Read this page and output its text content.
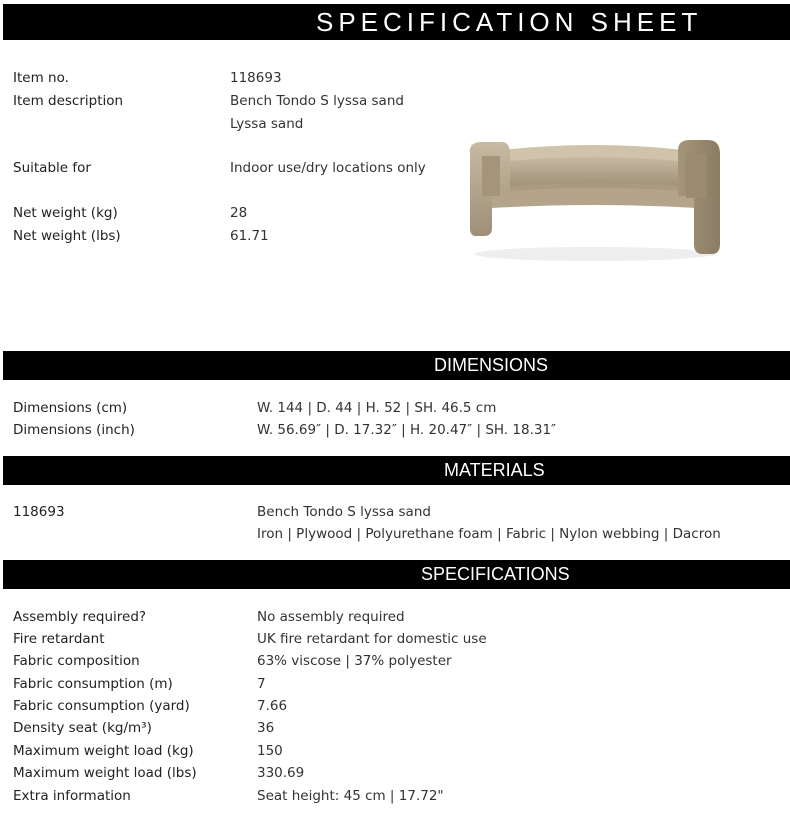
SPECIFICATION SHEET
Item no.	118693
Item description	Bench Tondo S lyssa sand
Lyssa sand
Suitable for	Indoor use/dry locations only
Net weight (kg)	28
Net weight (lbs)	61.71
DIMENSIONS
Dimensions (cm)	W. 144 | D. 44 | H. 52 | SH. 46.5 cm
Dimensions (inch)	W. 56.69″ | D. 17.32″ | H. 20.47″ | SH. 18.31″
MATERIALS
118693	Bench Tondo S lyssa sand
Iron | Plywood | Polyurethane foam | Fabric | Nylon webbing | Dacron
SPECIFICATIONS
Assembly required?	No assembly required
Fire retardant	UK fire retardant for domestic use
Fabric composition	63% viscose | 37% polyester
Fabric consumption (m)	7
Fabric consumption (yard)	7.66
Density seat (kg/m³)	36
Maximum weight load (kg)	150
Maximum weight load (lbs)	330.69
Extra information	Seat height: 45 cm | 17.72"
